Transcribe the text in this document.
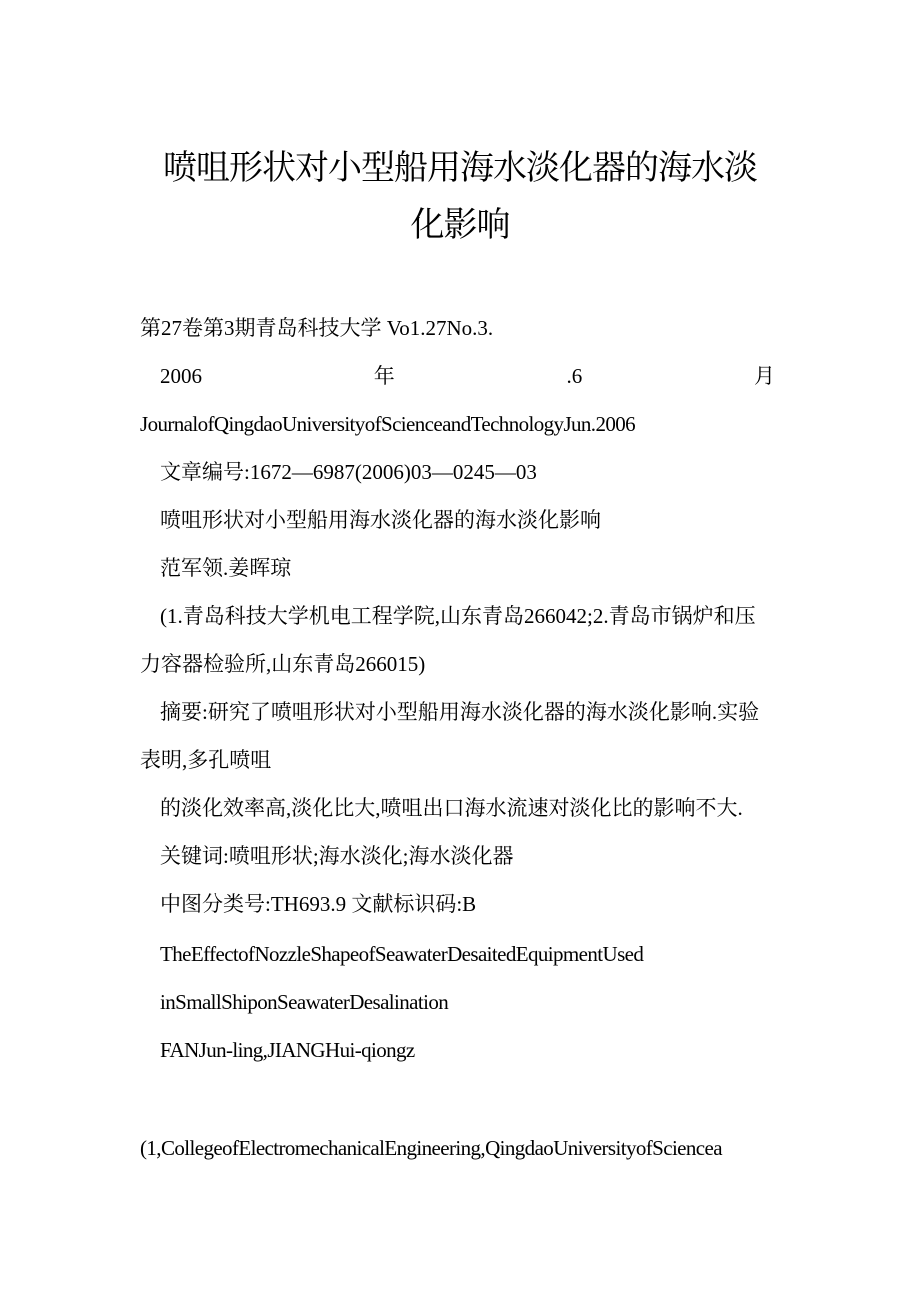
喷咀形状对小型船用海水淡化器的海水淡
化影响
第27卷第3期青岛科技大学 Vo1.27No.3.
2006	年	.6	月
JournalofQingdaoUniversityofScienceandTechnologyJun.2006
文章编号:1672—6987(2006)03—0245—03
喷咀形状对小型船用海水淡化器的海水淡化影响
范军领.姜晖琼
(1.青岛科技大学机电工程学院,山东青岛266042;2.青岛市锅炉和压
力容器检验所,山东青岛266015)
摘要:研究了喷咀形状对小型船用海水淡化器的海水淡化影响.实验
表明,多孔喷咀
的淡化效率高,淡化比大,喷咀出口海水流速对淡化比的影响不大.
关键词:喷咀形状;海水淡化;海水淡化器
中图分类号:TH693.9 文献标识码:B
TheEffectofNozzleShapeofSeawaterDesaitedEquipmentUsed
inSmallShiponSeawaterDesalination
FANJun-ling,JIANGHui-qiongz
(1,CollegeofElectromechanicalEngineering,QingdaoUniversityofSciencea
